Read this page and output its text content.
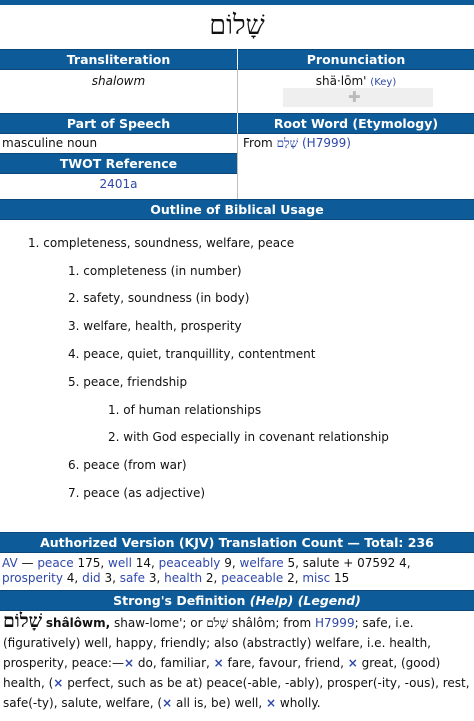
שָׁלוֹם
Transliteration
shalowm
Pronunciation
shä·lōm' (Key)
✚
Part of Speech
masculine noun
TWOT Reference
2401a
Root Word (Etymology)
From שָׁלַם (H7999)
Outline of Biblical Usage
1. completeness, soundness, welfare, peace
1. completeness (in number)
2. safety, soundness (in body)
3. welfare, health, prosperity
4. peace, quiet, tranquillity, contentment
5. peace, friendship
1. of human relationships
2. with God especially in covenant relationship
6. peace (from war)
7. peace (as adjective)
Authorized Version (KJV) Translation Count — Total: 236
AV — peace 175, well 14, peaceably 9, welfare 5, salute + 07592 4, prosperity 4, did 3, safe 3, health 2, peaceable 2, misc 15
Strong's Definition (Help) (Legend)
שָׁלוֹם shâlôwm, shaw-lome'; or שָׁלֹם shâlôm; from H7999; safe, i.e. (figuratively) well, happy, friendly; also (abstractly) welfare, i.e. health, prosperity, peace:—× do, familiar, × fare, favour, friend, × great, (good) health, (× perfect, such as be at) peace(-able, -ably), prosper(-ity, -ous), rest, safe(-ty), salute, welfare, (× all is, be) well, × wholly.
